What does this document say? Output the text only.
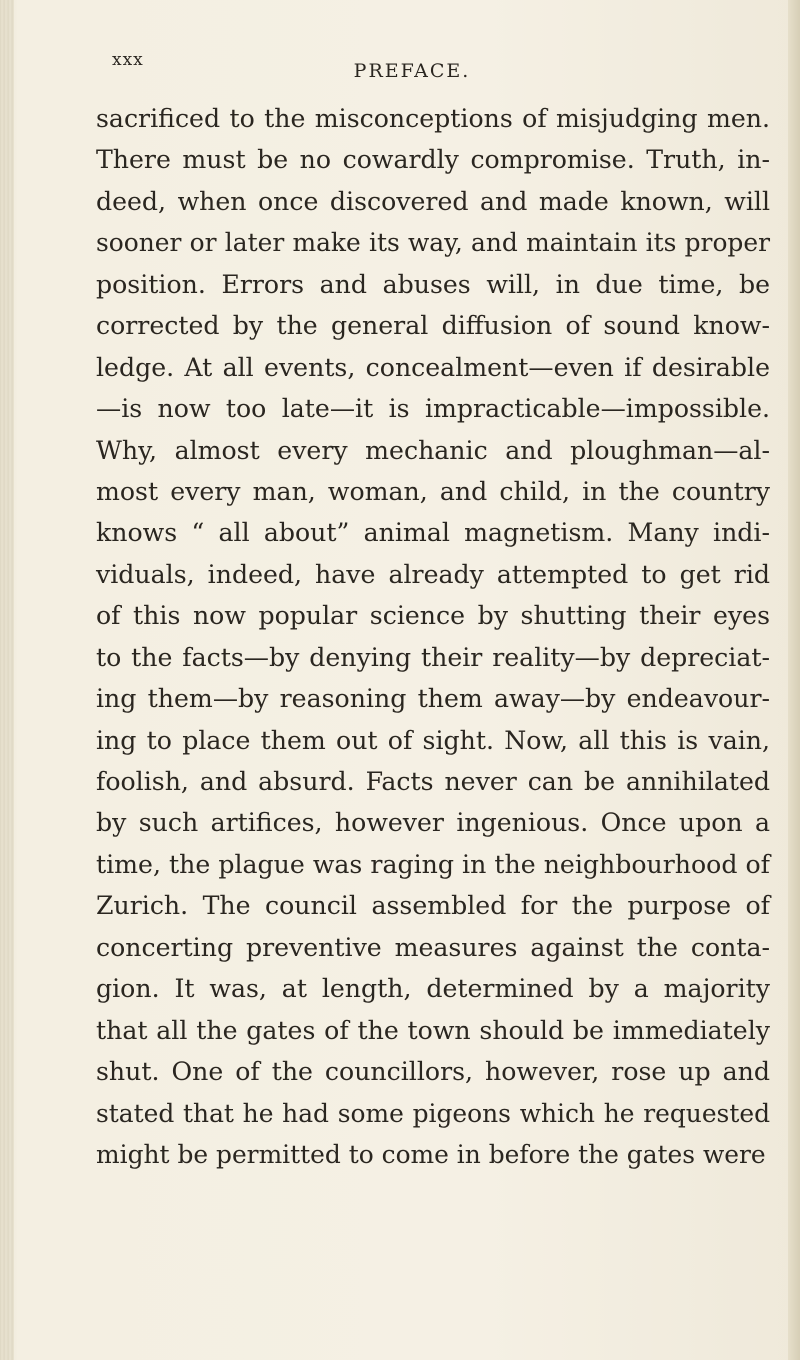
xxx	PREFACE.
sacrificed to the misconceptions of misjudging men.
There must be no cowardly compromise. Truth, in-
deed, when once discovered and made known, will
sooner or later make its way, and maintain its proper
position. Errors and abuses will, in due time, be
corrected by the general diffusion of sound know-
ledge. At all events, concealment—even if desirable
—is now too late—it is impracticable—impossible.
Why, almost every mechanic and ploughman—al-
most every man, woman, and child, in the country
knows “ all about” animal magnetism. Many indi-
viduals, indeed, have already attempted to get rid
of this now popular science by shutting their eyes
to the facts—by denying their reality—by depreciat-
ing them—by reasoning them away—by endeavour-
ing to place them out of sight. Now, all this is vain,
foolish, and absurd. Facts never can be annihilated
by such artifices, however ingenious. Once upon a
time, the plague was raging in the neighbourhood of
Zurich. The council assembled for the purpose of
concerting preventive measures against the conta-
gion. It was, at length, determined by a majority
that all the gates of the town should be immediately
shut. One of the councillors, however, rose up and
stated that he had some pigeons which he requested
might be permitted to come in before the gates were
